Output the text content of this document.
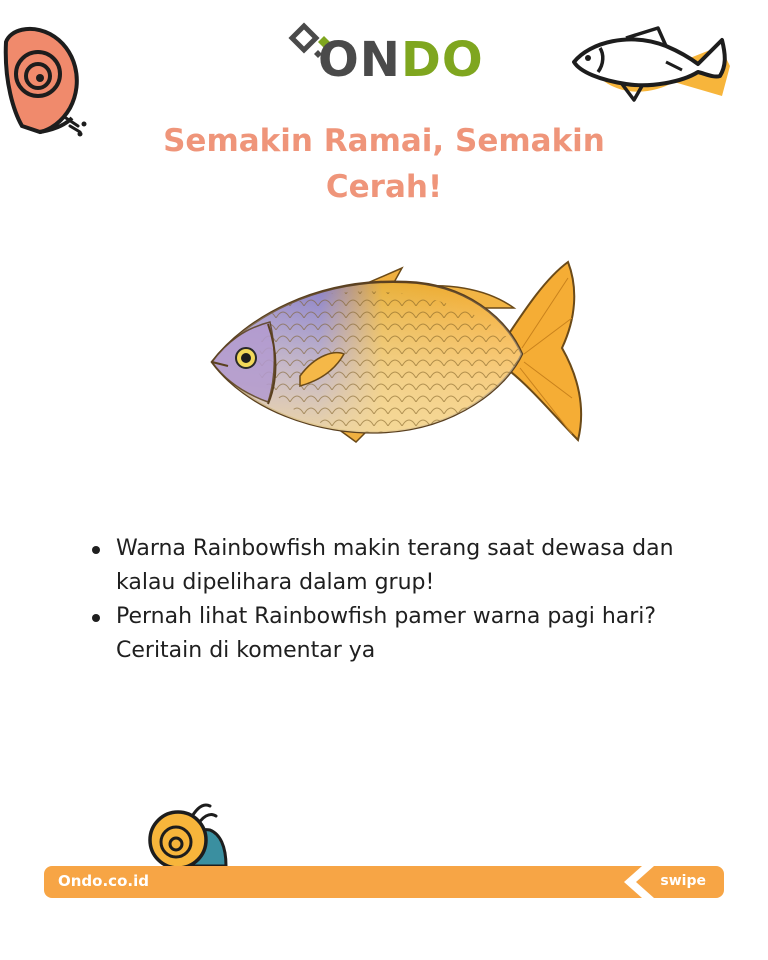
ONDO
Semakin Ramai, Semakin
Cerah!
Warna Rainbowfish makin terang saat dewasa dan kalau dipelihara dalam grup!
Pernah lihat Rainbowfish pamer warna pagi hari? Ceritain di komentar ya
Ondo.co.id	swipe
